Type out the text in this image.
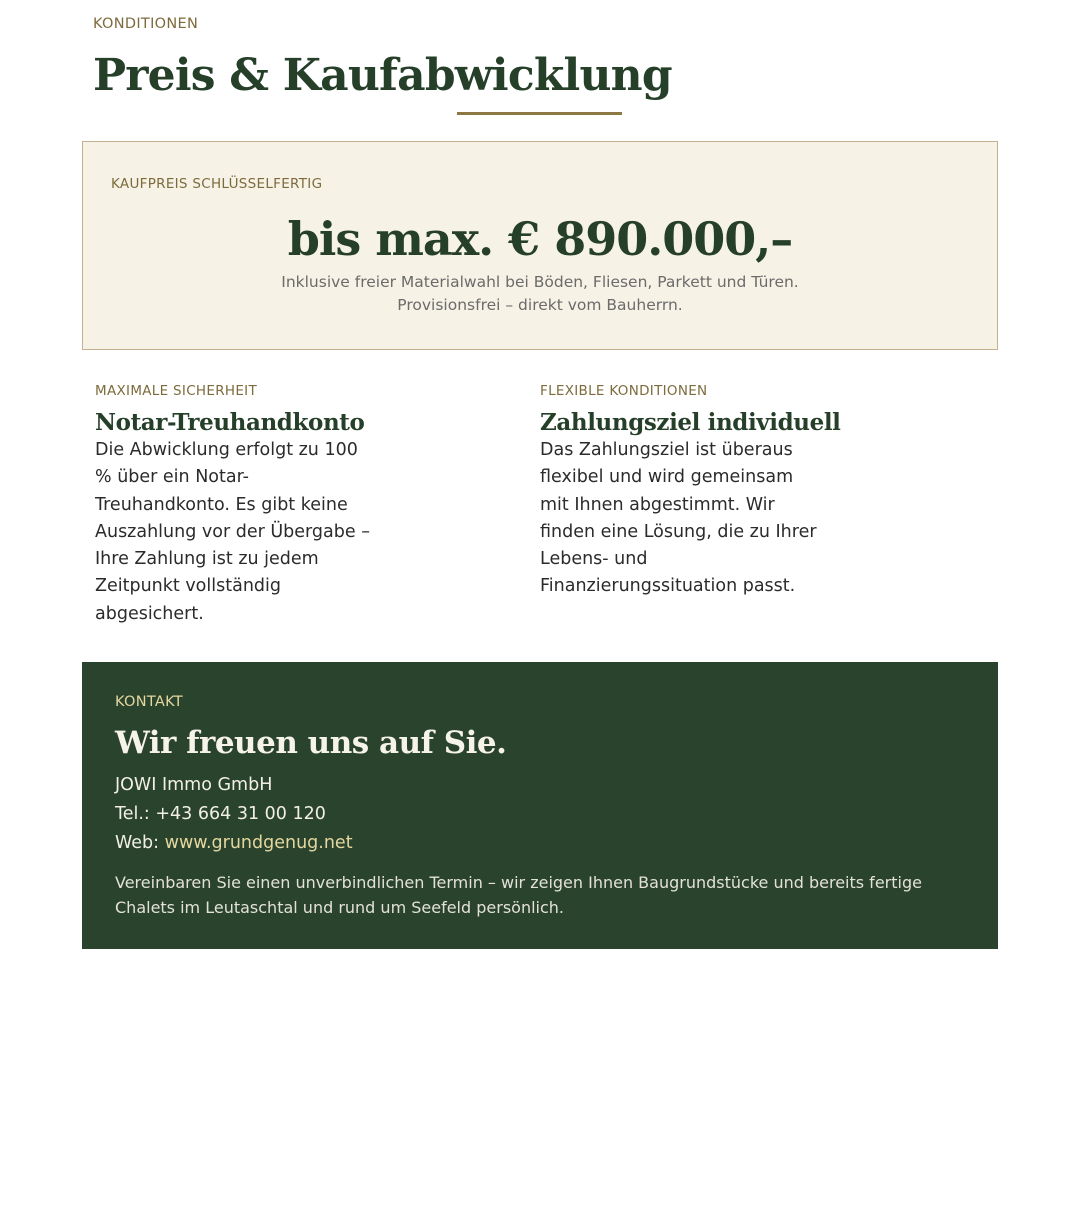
KONDITIONEN
Preis & Kaufabwicklung
KAUFPREIS SCHLÜSSELFERTIG
bis max. € 890.000,–
Inklusive freier Materialwahl bei Böden, Fliesen, Parkett und Türen.
Provisionsfrei – direkt vom Bauherrn.
MAXIMALE SICHERHEIT
Notar-Treuhandkonto
Die Abwicklung erfolgt zu 100 % über ein Notar-Treuhandkonto. Es gibt keine Auszahlung vor der Übergabe – Ihre Zahlung ist zu jedem Zeitpunkt vollständig abgesichert.
FLEXIBLE KONDITIONEN
Zahlungsziel individuell
Das Zahlungsziel ist überaus flexibel und wird gemeinsam mit Ihnen abgestimmt. Wir finden eine Lösung, die zu Ihrer Lebens- und Finanzierungssituation passt.
KONTAKT
Wir freuen uns auf Sie.
JOWI Immo GmbH
Tel.: +43 664 31 00 120
Web: www.grundgenug.net
Vereinbaren Sie einen unverbindlichen Termin – wir zeigen Ihnen Baugrundstücke und bereits fertige Chalets im Leutaschtal und rund um Seefeld persönlich.
